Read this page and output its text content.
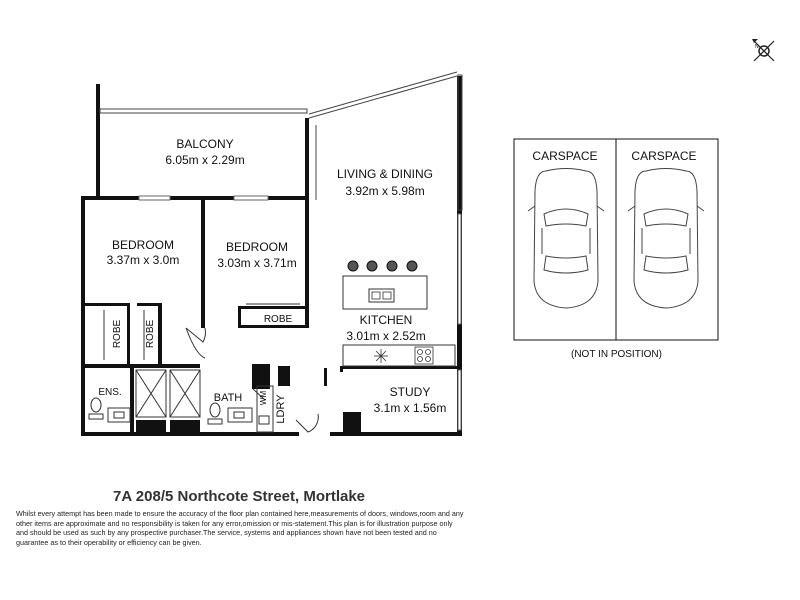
N
BALCONY
6.05m x 2.29m
LIVING & DINING
3.92m x 5.98m
BEDROOM
3.37m x 3.0m
BEDROOM
3.03m x 3.71m
KITCHEN
3.01m x 2.52m
STUDY
3.1m x 1.56m
ROBE
ROBE ROBE
ENS.	BATH WM LDRY
CARSPACE	CARSPACE
(NOT IN POSITION)
7A 208/5 Northcote Street, Mortlake
Whilst every attempt has been made to ensure the accuracy of the floor plan contained here,measurements of doors, windows,room and any other items are approximate and no responsibility is taken for any error,omission or mis-statement.This plan is for illustration purpose only and should be used as such by any prospective purchaser.The service, systems and appliances shown have not been tested and no guarantee as to their operability or efficiency can be given.
